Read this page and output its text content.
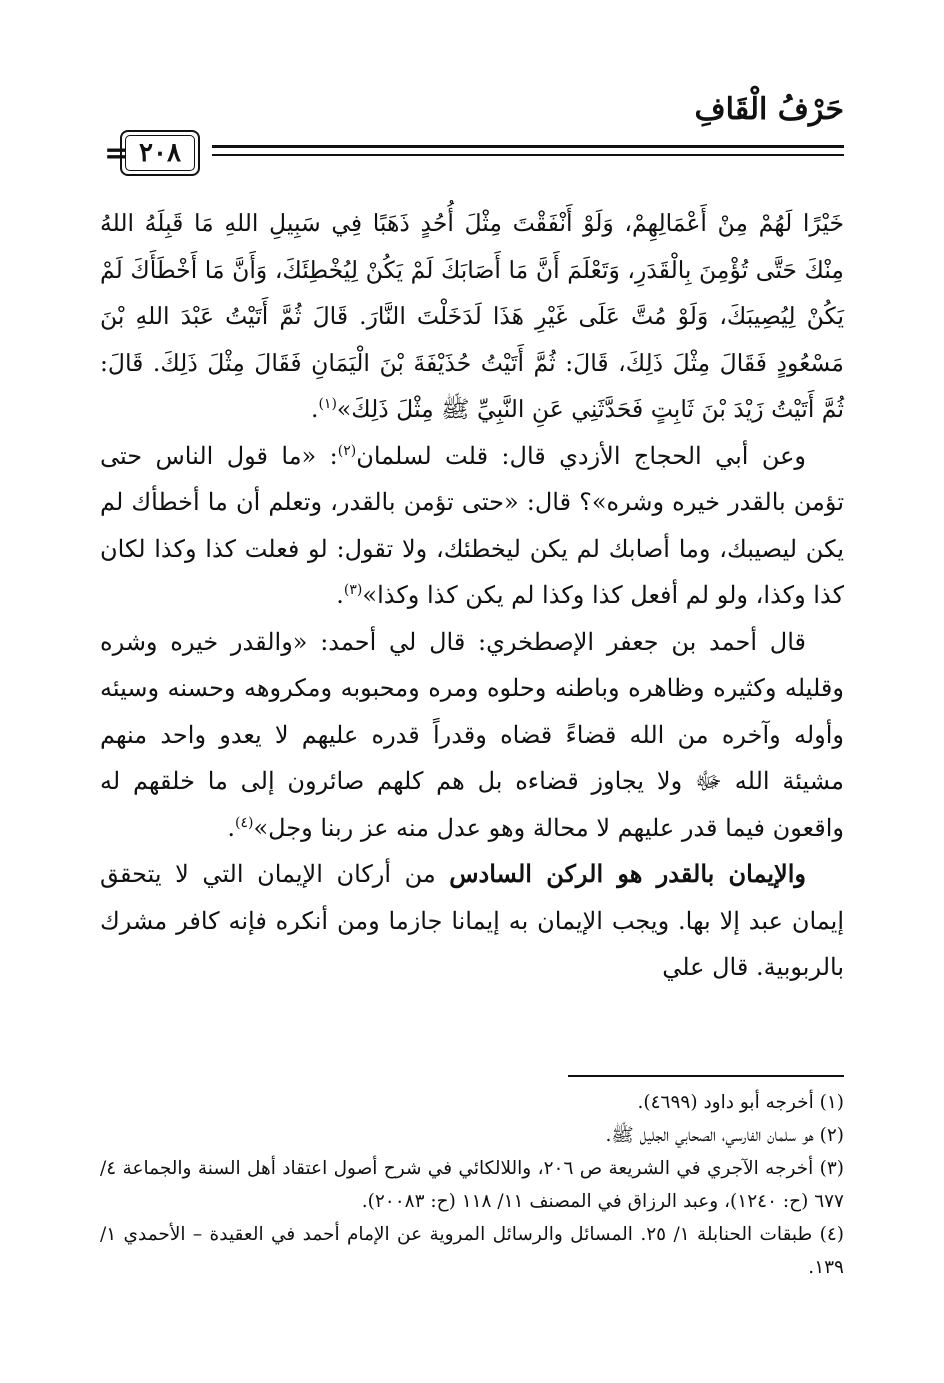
حَرْفُ الْقَافِ
= ٢٠٨

خَيْرًا لَهُمْ مِنْ أَعْمَالِهِمْ، وَلَوْ أَنْفَقْتَ مِثْلَ أُحُدٍ ذَهَبًا فِي سَبِيلِ اللهِ مَا قَبِلَهُ اللهُ مِنْكَ حَتَّى تُؤْمِنَ بِالْقَدَرِ، وَتَعْلَمَ أَنَّ مَا أَصَابَكَ لَمْ يَكُنْ لِيُخْطِئَكَ، وَأَنَّ مَا أَخْطَأَكَ لَمْ يَكُنْ لِيُصِيبَكَ، وَلَوْ مُتَّ عَلَى غَيْرِ هَذَا لَدَخَلْتَ النَّارَ. قَالَ ثُمَّ أَتَيْتُ عَبْدَ اللهِ بْنَ مَسْعُودٍ فَقَالَ مِثْلَ ذَلِكَ، قَالَ: ثُمَّ أَتَيْتُ حُذَيْفَةَ بْنَ الْيَمَانِ فَقَالَ مِثْلَ ذَلِكَ. قَالَ: ثُمَّ أَتَيْتُ زَيْدَ بْنَ ثَابِتٍ فَحَدَّثَنِي عَنِ النَّبِيِّ ﷺ مِثْلَ ذَلِكَ»$^{(١)}$.

وعن أبي الحجاج الأزدي قال: قلت لسلمان$^{(٢)}$: «ما قول الناس حتى تؤمن بالقدر خيره وشره»؟ قال: «حتى تؤمن بالقدر، وتعلم أن ما أخطأك لم يكن ليصيبك، وما أصابك لم يكن ليخطئك، ولا تقول: لو فعلت كذا وكذا لكان كذا وكذا، ولو لم أفعل كذا وكذا لم يكن كذا وكذا»$^{(٣)}$.

قال أحمد بن جعفر الإصطخري: قال لي أحمد: «والقدر خيره وشره وقليله وكثيره وظاهره وباطنه وحلوه ومره ومحبوبه ومكروهه وحسنه وسيئه وأوله وآخره من الله قضاءً قضاه وقدراً قدره عليهم لا يعدو واحد منهم مشيئة الله ﷻ ولا يجاوز قضاءه بل هم كلهم صائرون إلى ما خلقهم له واقعون فيما قدر عليهم لا محالة وهو عدل منه عز ربنا وجل»$^{(٤)}$.

والإيمان بالقدر هو الركن السادس من أركان الإيمان التي لا يتحقق إيمان عبد إلا بها. ويجب الإيمان به إيمانا جازما ومن أنكره فإنه كافر مشرك بالربوبية. قال علي

(١) أخرجه أبو داود (٤٦٩٩).

(٢) هو سلمان الفارسي، الصحابي الجليل ﷺ.

(٣) أخرجه الآجري في الشريعة ص ٢٠٦، واللالكائي في شرح أصول اعتقاد أهل السنة والجماعة ٤/ ٦٧٧ (ح: ١٢٤٠)، وعبد الرزاق في المصنف ١١/ ١١٨ (ح: ٢٠٠٨٣).

(٤) طبقات الحنابلة ١/ ٢٥. المسائل والرسائل المروية عن الإمام أحمد في العقيدة – الأحمدي ١/ ١٣٩.
